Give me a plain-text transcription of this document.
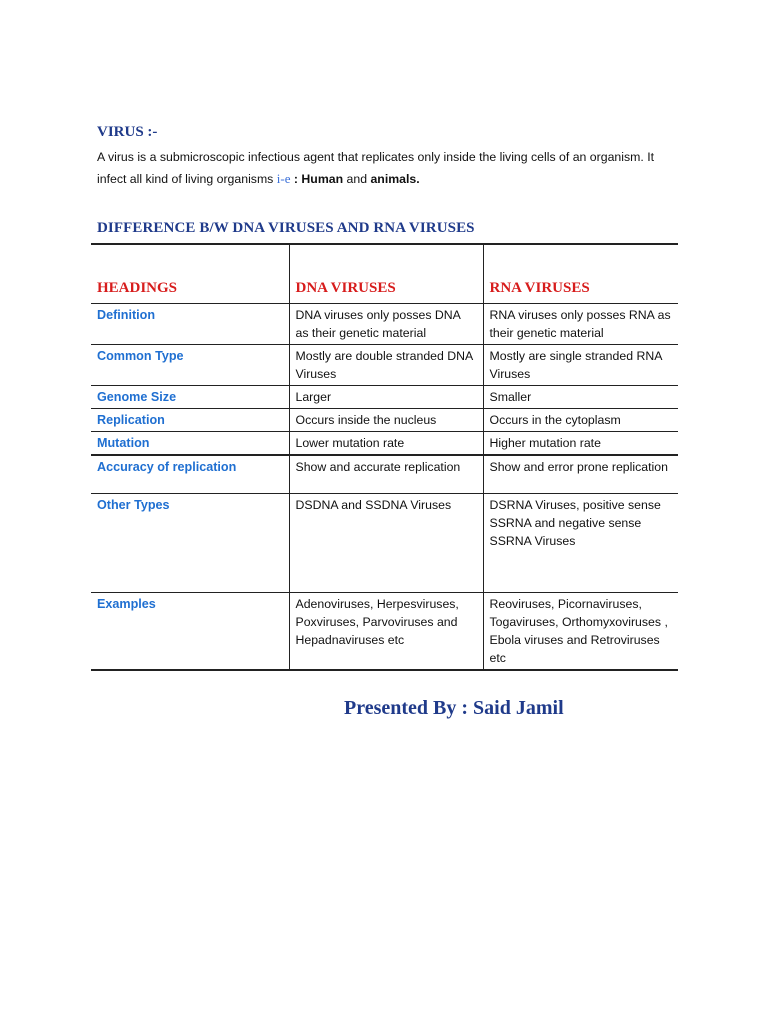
VIRUS :-

A virus is a submicroscopic infectious agent that replicates only inside the living cells of an organism. It infect all kind of living organisms i-e : Human and animals.

DIFFERENCE B/W DNA VIRUSES AND RNA VIRUSES
HEADINGS	DNA VIRUSES	RNA VIRUSES
Definition	DNA viruses only posses DNA as their genetic material	RNA viruses only posses RNA as their genetic material
Common Type	Mostly are double stranded DNA Viruses	Mostly are single stranded RNA Viruses
Genome Size	Larger	Smaller
Replication	Occurs inside the nucleus	Occurs in the cytoplasm
Mutation	Lower mutation rate	Higher mutation rate
Accuracy of replication	Show and accurate replication	Show and error prone replication
Other Types	DSDNA and SSDNA Viruses	DSRNA Viruses, positive sense SSRNA and negative sense SSRNA Viruses
Examples	Adenoviruses, Herpesviruses, Poxviruses, Parvoviruses and Hepadnaviruses etc	Reoviruses, Picornaviruses, Togaviruses, Orthomyxoviruses , Ebola viruses and Retroviruses etc

Presented By : Said Jamil
